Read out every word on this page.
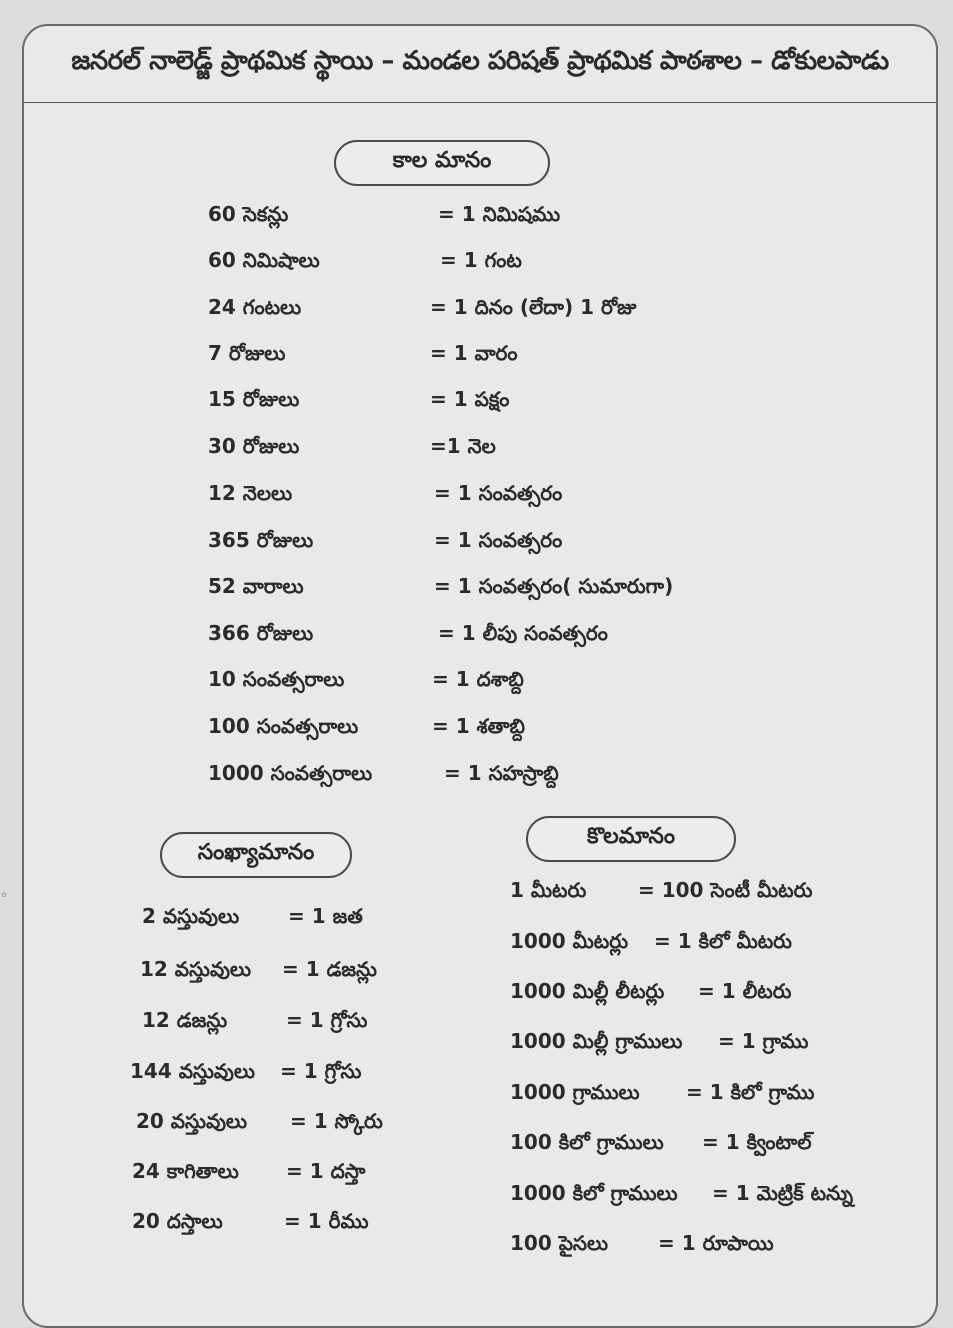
జనరల్ నాలెడ్జ్ ప్రాథమిక స్థాయి – మండల పరిషత్ ప్రాథమిక పాఠశాల – డోకులపాడు
కాల మానం
60 సెకన్లు	= 1 నిమిషము
60 నిమిషాలు	= 1 గంట
24 గంటలు	= 1 దినం (లేదా) 1 రోజు
7 రోజులు	= 1 వారం
15 రోజులు	= 1 పక్షం
30 రోజులు	=1 నెల
12 నెలలు	= 1 సంవత్సరం
365 రోజులు	= 1 సంవత్సరం
52 వారాలు	= 1 సంవత్సరం( సుమారుగా)
366 రోజులు	= 1 లీపు సంవత్సరం
10 సంవత్సరాలు	= 1 దశాబ్ది
100 సంవత్సరాలు	= 1 శతాబ్ది
1000 సంవత్సరాలు	= 1 సహస్రాబ్ది
సంఖ్యామానం
కొలమానం
2 వస్తువులు = 1 జత
12 వస్తువులు = 1 డజన్లు
12 డజన్లు	= 1 గ్రోసు
144 వస్తువులు = 1 గ్రోసు
20 వస్తువులు = 1 స్కోరు
24 కాగితాలు = 1 దస్తా
20 దస్తాలు	= 1 రీము
1 మీటరు	= 100 సెంటీ మీటరు
1000 మీటర్లు = 1 కిలో మీటరు
1000 మిల్లీ లీటర్లు = 1 లీటరు
1000 మిల్లీ గ్రాములు = 1 గ్రాము
1000 గ్రాములు = 1 కిలో గ్రాము
100 కిలో గ్రాములు = 1 క్వింటాల్
1000 కిలో గ్రాములు = 1 మెట్రిక్ టన్ను
100 పైసలు = 1 రూపాయి
◦
